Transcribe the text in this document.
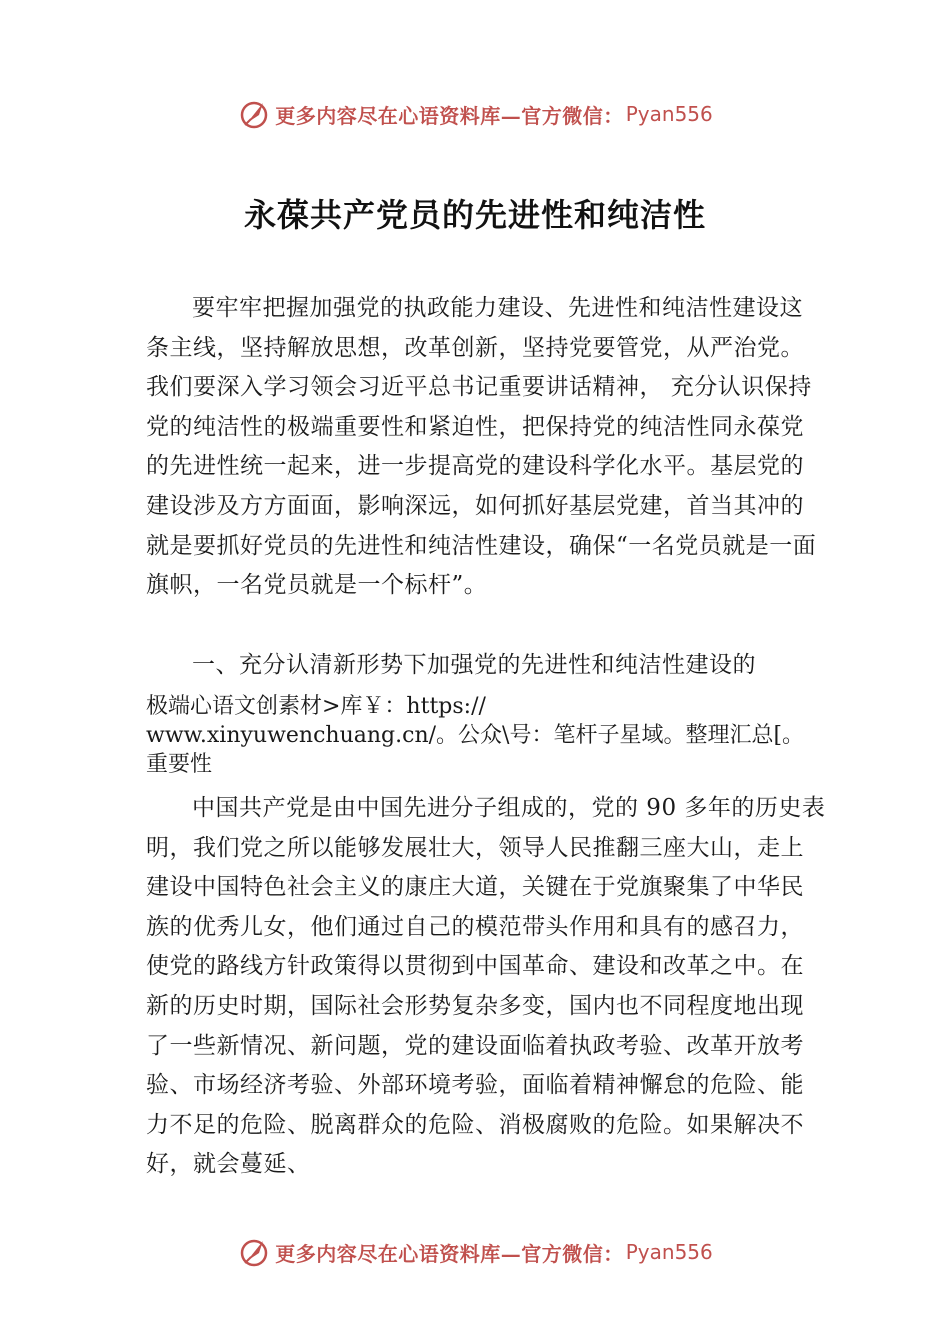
更多内容尽在心语资料库—官方微信： Pyan556
永葆共产党员的先进性和纯洁性

要牢牢把握加强党的执政能力建设、先进性和纯洁性建设这条主线，坚持解放思想，改革创新，坚持党要管党，从严治党。我们要深入学习领会习近平总书记重要讲话精神， 充分认识保持党的纯洁性的极端重要性和紧迫性，把保持党的纯洁性同永葆党的先进性统一起来，进一步提高党的建设科学化水平。基层党的建设涉及方方面面，影响深远，如何抓好基层党建，首当其冲的就是要抓好党员的先进性和纯洁性建设，确保“一名党员就是一面旗帜，一名党员就是一个标杆”。

一、充分认清新形势下加强党的先进性和纯洁性建设的

极端心语文创素材>库￥：https://
www.xinyuwenchuang.cn/。公众\号：笔杆子星域。整理汇总[。
重要性

中国共产党是由中国先进分子组成的，党的 90 多年的历史表明，我们党之所以能够发展壮大，领导人民推翻三座大山，走上建设中国特色社会主义的康庄大道，关键在于党旗聚集了中华民族的优秀儿女，他们通过自己的模范带头作用和具有的感召力，使党的路线方针政策得以贯彻到中国革命、建设和改革之中。在新的历史时期，国际社会形势复杂多变，国内也不同程度地出现了一些新情况、新问题，党的建设面临着执政考验、改革开放考验、市场经济考验、外部环境考验，面临着精神懈怠的危险、能力不足的危险、脱离群众的危险、消极腐败的危险。如果解决不好，就会蔓延、

更多内容尽在心语资料库—官方微信： Pyan556
